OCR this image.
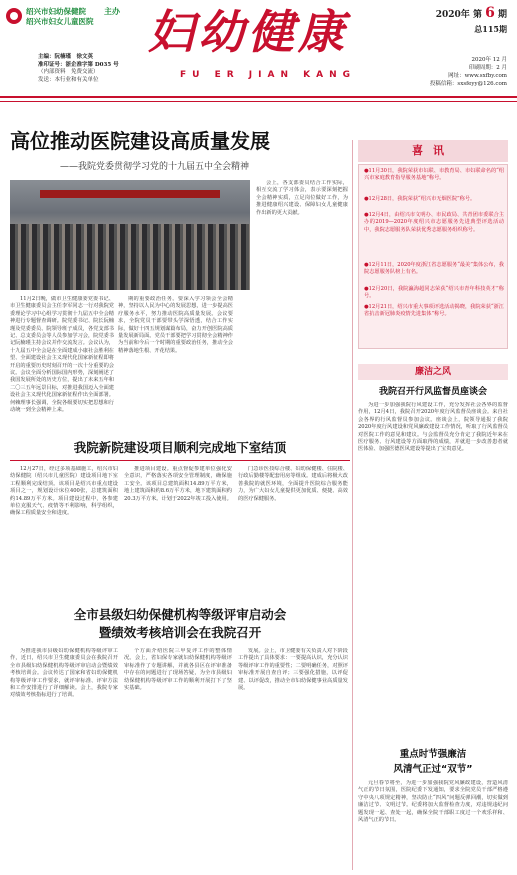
绍兴市妇幼保健院
绍兴市妇女儿童医院
主办 妇幼健康
FU ER JIAN KANG
2020年 第 6 期
总115期
主编：阮楠瑾　徐文英
准印证号：浙企准字第 D035 号
（内部资料　免费交流）
发送：本行业和有关单位
2020年 12 月
印刷周期：2 月
网址：www.sxfby.com
投稿信箱：sxsfeyy@126.com
高位推动医院建设高质量发展
——我院党委贯彻学习党的十九届五中全会精神
11月2日晚，做市卫生健康委党委书记、市卫生健康委员会主任李军同志一行对我院党委理论学习中心组学习贯彻十九届五中全会精神进行专题督查调研。院党委书记、院长阮楠瑾及党委委员、院领导班子成员，各党支部书记、总支委员会等人员参加学习会，院党委书记阮楠瑾主持会议并作交流发言。会议认为，十九届五中全会是在全面建成小康社会胜利在望、全面建设社会主义现代化国家新征程即将开启的重要历史时刻召开的一次十分重要的会议。会议全面分析国际国内形势，深刻阐述了我国发展所处的历史方位，提出了未来五年和二〇三五年远景目标，对推进我国迈入全面建设社会主义现代化国家新征程作出全面部署。何赖理事长强调，全院各级要切实把思想和行动统一到全会精神上来。
期的重要政治任务。要深入学习领会全会精神，坚持以人民为中心的发展思想，进一步提高医疗服务水平，努力推动医院高质量发展。会议要求，全院党员干部要带头学深悟透，结合工作实际，做好十四五规划谋篇布局，奋力开创医院高质量发展新局面。党员干部要把学习贯彻全会精神作为当前和今后一个时期的重要政治任务，推动全会精神落地生根、开花结果。
会上，各支部委员结合工作实际，相互交流了学习体会，表示要深刻把握全会精神实质，立足岗位做好工作，为推进健康绍兴建设、保障妇女儿童健康作出新的更大贡献。
喜讯
●11月30日，我院荣获市妇联、市教育局、市妇联命名的“绍兴市家庭教育指导服务基地”称号。
●12月28日，我院荣获“绍兴市无烟医院”称号。
●12月4日，由绍兴市文明办、市民政局、共青团市委联合主办的2019—2020年度绍兴市志愿服务先进典型评选活动中，我院志愿服务队荣获优秀志愿服务组织称号。
●12月11日，2020年度浙江省志愿服务“最美”集体公布，我院志愿服务队榜上有名。
●12月20日，我院瀛海超同志荣获“绍兴市青年科技英才”称号。
●12月21日，绍兴市重大事项评选活动揭晓，我院荣获“浙江省抗击新冠肺炎疫情先进集体”称号。
我院新院建设项目顺利完成地下室结顶
12月27日，经过多项基础施工，绍兴市妇幼保健院（绍兴市儿童医院）建设项目地下室工程顺利完成结顶。该项目是绍兴市重点建设项目之一，规划设计床位400张，总建筑面积约14.89万平方米。项目建设过程中，各参建单位克服天气、疫情等不利影响，科学组织，确保工程质量安全和进度。
推进项目建设。重点督促参建单位强化安全意识，严格落实各项安全管理制度，确保施工安全。该项目总建筑面积14.89万平方米，地上建筑面积约8.6万平方米，地下建筑面积约20.3万平方米。计划于2022年竣工投入使用。
门急诊医技综合楼、妇幼保健楼、住院楼、行政后勤楼等配套用房等组成。建成后将极大改善我院的就医环境，全面提升医院综合服务能力，为广大妇女儿童提供更加优质、便捷、高效的医疗保健服务。
全市县级妇幼保健机构等级评审启动会
暨绩效考核培训会在我院召开
为推进我市县级妇幼保健机构等级评审工作，近日，绍兴市卫生健康委员会在我院召开全市县级妇幼保健机构等级评审启动会暨绩效考核培训会。会议传达了国家和省妇幼保健机构等级评审工作要求，就评审标准、评审方法和工作安排进行了详细解读。会上，我院专家对绩效考核指标进行了培训。
个方面介绍医院三甲复评工作的整体情况。会上，省妇保专家就妇幼保健机构等级评审标准作了专题讲解，并就各县区在评审准备中存在的问题进行了现场答疑，为全市县级妇幼保健机构等级评审工作的顺利开展打下了坚实基础。
发展。会上，市卫健委有关负责人对下阶段工作提出了具体要求：一要提高认识，充分认识等级评审工作的重要性；二要明确任务，对照评审标准开展自查自评；三要强化措施，以评促建、以评促改，推动全市妇幼保健事业高质量发展。
廉洁之风
我院召开行风监督员座谈会
为进一步加强我院行风建设工作，充分发挥社会各界的监督作用，12月4日，我院召开2020年度行风监督员座谈会。来自社会各界的行风监督员参加会议。座谈会上，院领导通报了我院2020年度行风建设和党风廉政建设工作情况，听取了行风监督员对医院工作的意见和建议。与会监督员充分肯定了我院近年来在医疗服务、行风建设等方面取得的成绩，并就进一步改善患者就医体验、加强医德医风建设等提出了宝贵意见。
重点时节强廉洁
风清气正过“双节”
元旦春节将至，为进一步加强我院党风廉政建设，营造风清气正的节日氛围，医院纪委下发通知，要求全院党员干部严格遵守中央八项规定精神，坚决防止“四风”问题反弹回潮，切实做到廉洁过节、文明过节。纪委将加大监督检查力度，对违规违纪问题发现一起、查处一起，确保全院干部职工度过一个欢乐祥和、风清气正的节日。
